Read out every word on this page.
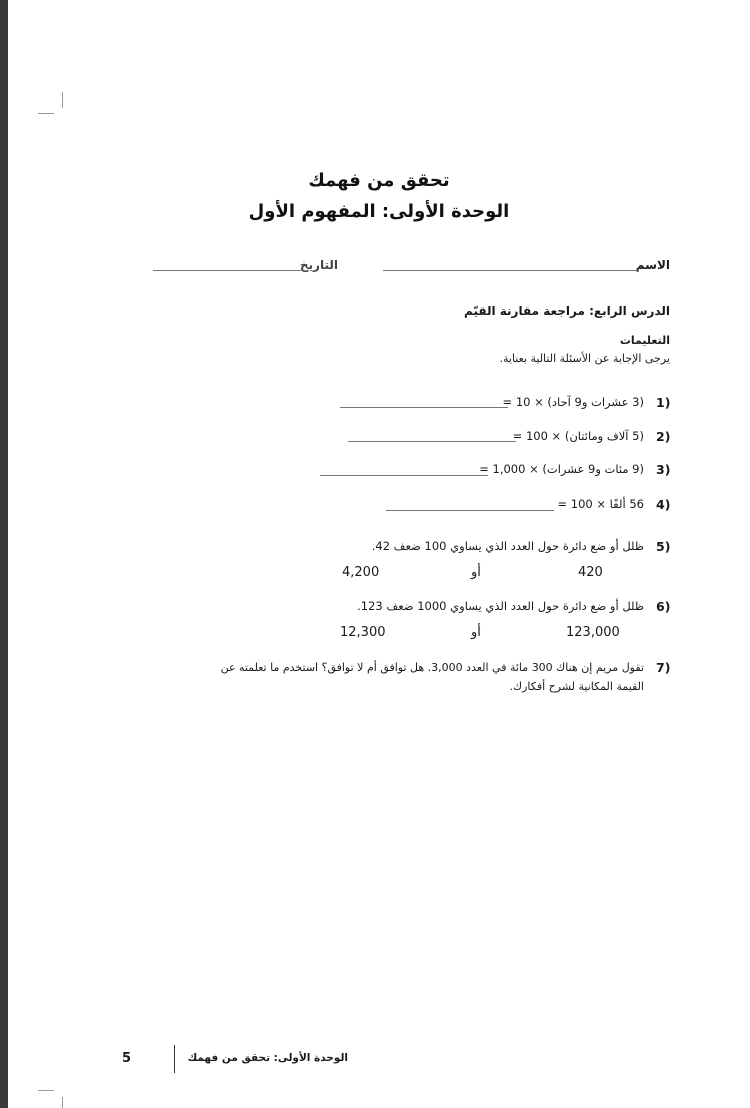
تحقق من فهمك
الوحدة الأولى: المفهوم الأول
الاسم
التاريخ
الدرس الرابع: مراجعة مقارنة القيّم
التعليمات
يرجى الإجابة عن الأسئلة التالية بعناية.
1)
(3 عشرات و9 آحاد) × 10 =
2)
(5 آلاف ومائتان) × 100 =
3)
(9 مئات و9 عشرات) × 1,000 =
4)
56 ألفًا × 100 =
5)
ظلل أو ضع دائرة حول العدد الذي يساوي 100 ضعف 42.
420
أو
4,200
6)
ظلل أو ضع دائرة حول العدد الذي يساوي 1000 ضعف 123.
123,000
أو
12,300
7)
تقول مريم إن هناك 300 مائة في العدد 3,000. هل توافق أم لا توافق؟ استخدم ما تعلمته عن
القيمة المكانية لشرح أفكارك.
الوحدة الأولى: تحقق من فهمك
5
